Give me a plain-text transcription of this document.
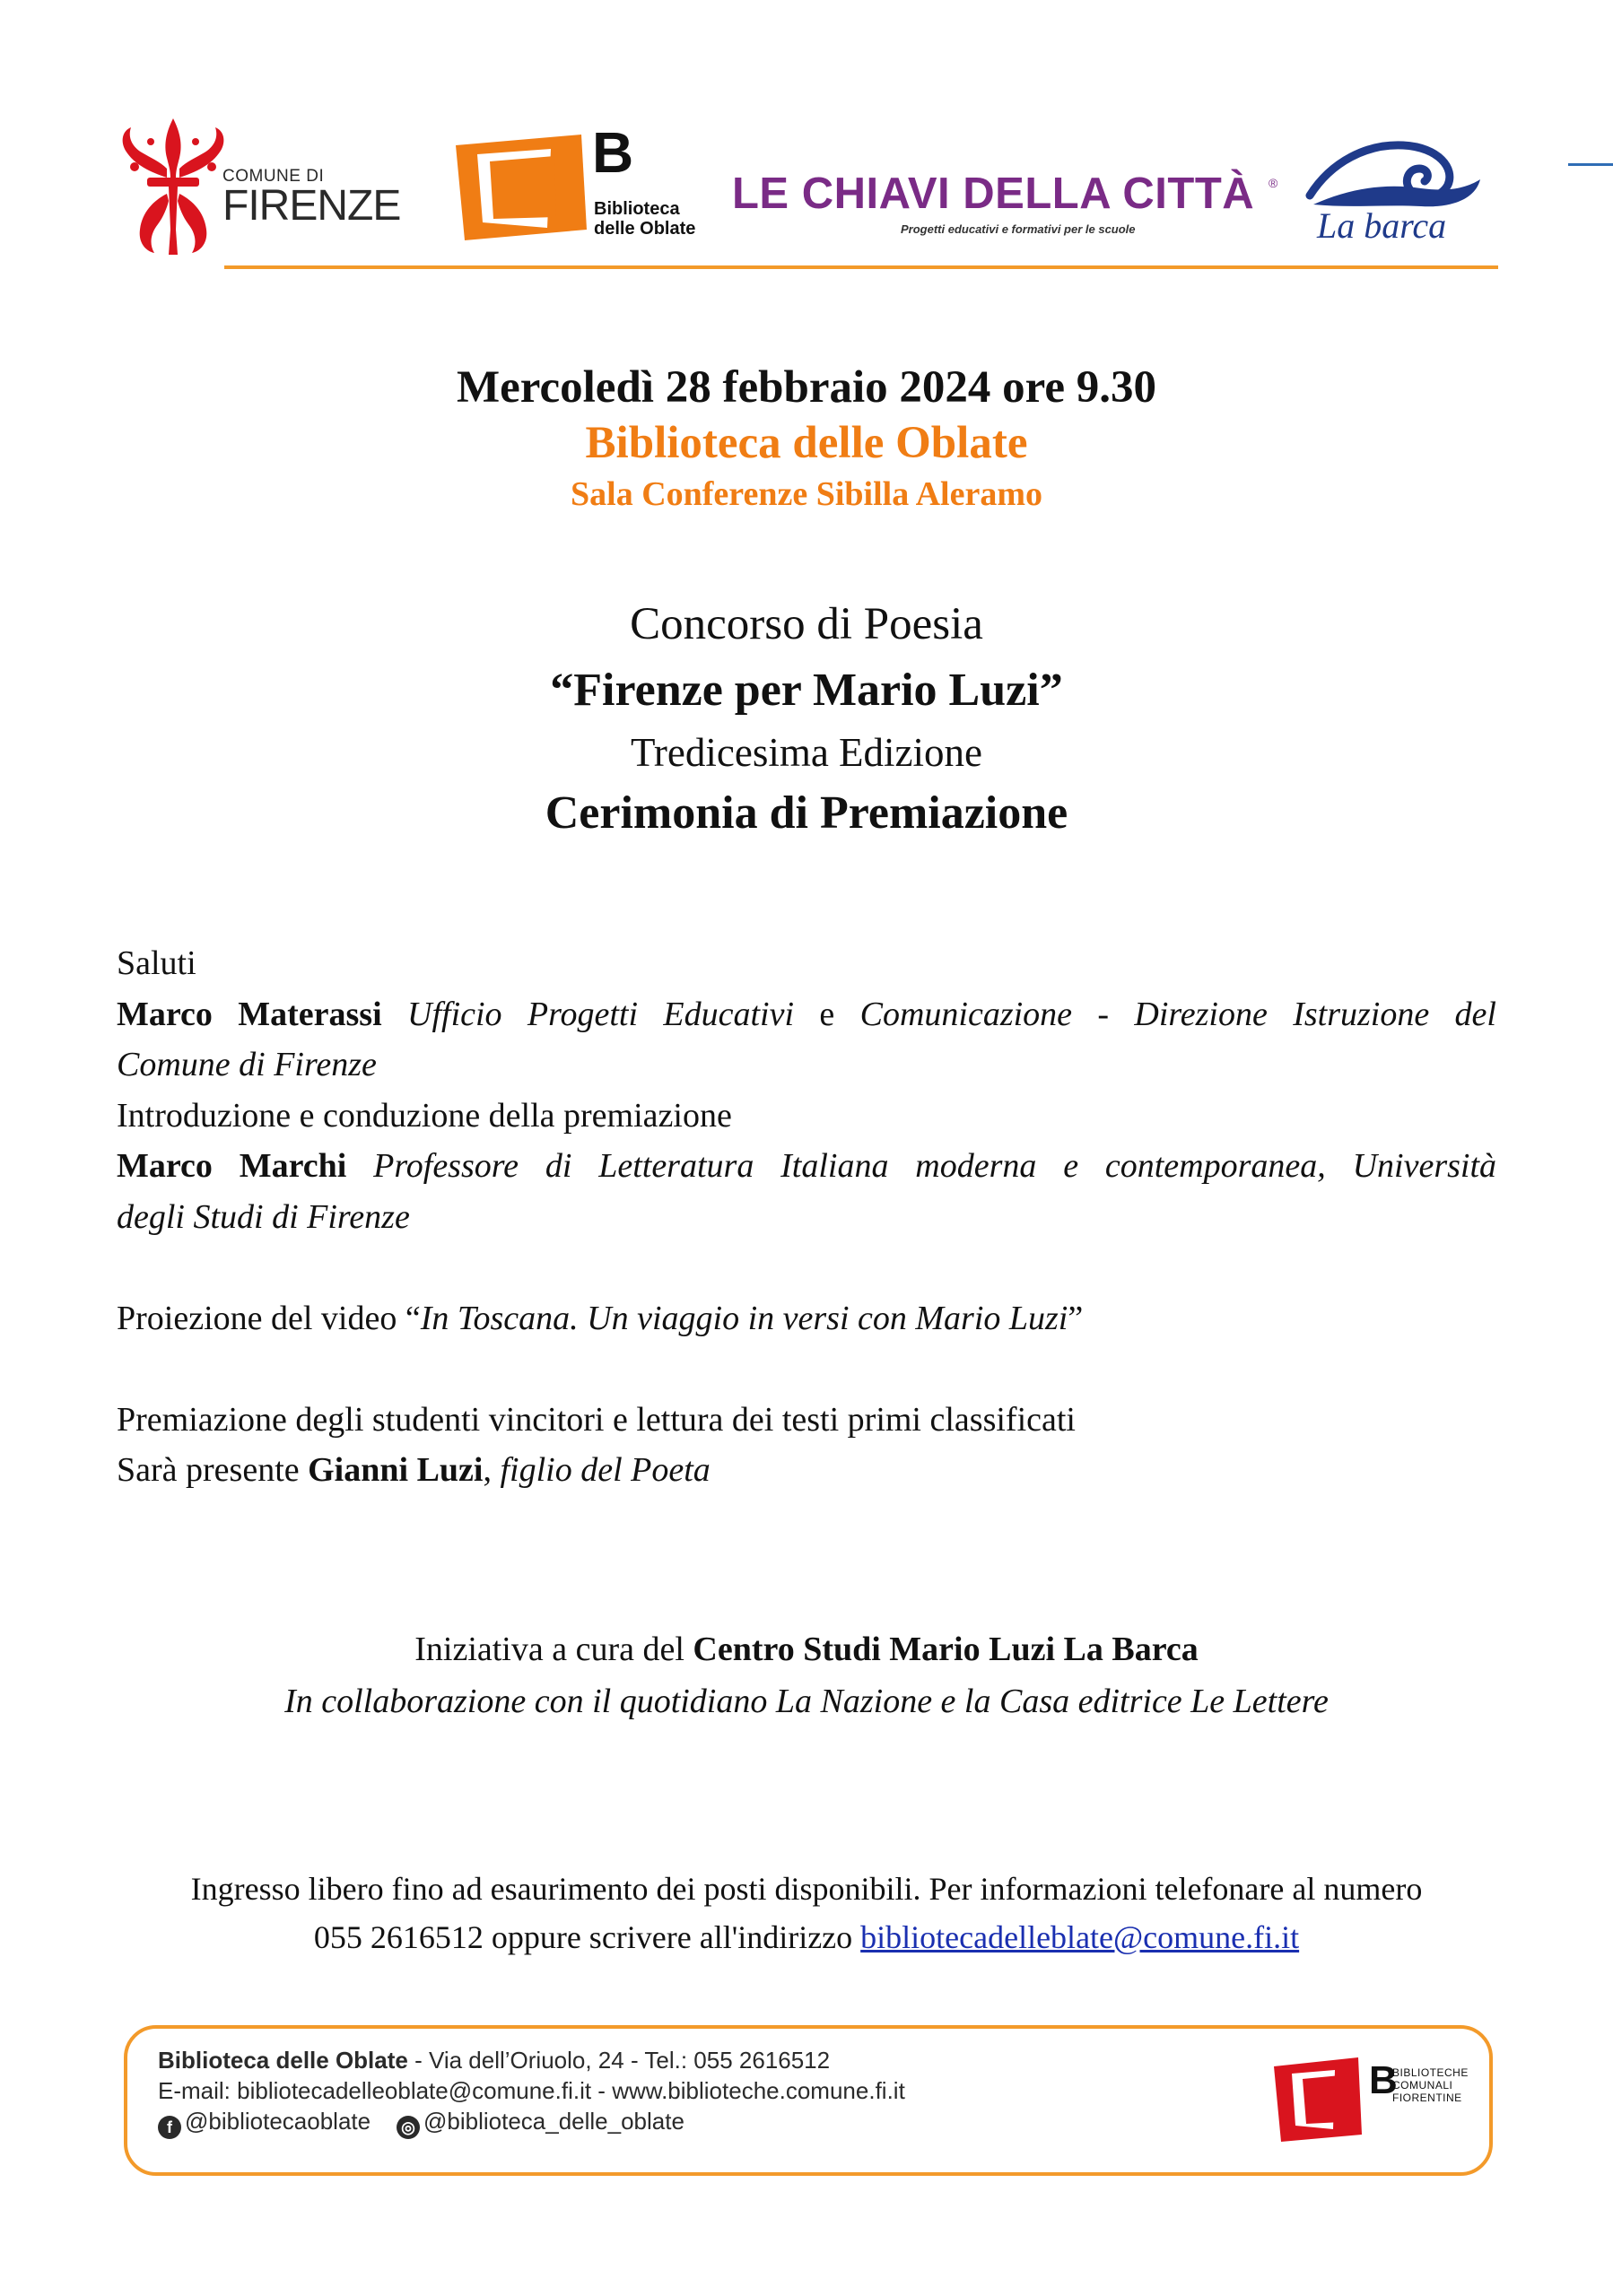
COMUNE DI
FIRENZE
B
Biblioteca
delle Oblate
LE CHIAVI DELLA CITTÀ ®
Progetti educativi e formativi per le scuole	La barca
Mercoledì 28 febbraio 2024 ore 9.30
Biblioteca delle Oblate
Sala Conferenze Sibilla Aleramo
Concorso di Poesia
“Firenze per Mario Luzi”
Tredicesima Edizione
Cerimonia di Premiazione
Saluti
Marco Materassi Ufficio Progetti Educativi e Comunicazione - Direzione Istruzione del
Comune di Firenze
Introduzione e conduzione della premiazione
Marco Marchi Professore di Letteratura Italiana moderna e contemporanea, Università
degli Studi di Firenze
Proiezione del video “In Toscana. Un viaggio in versi con Mario Luzi”
Premiazione degli studenti vincitori e lettura dei testi primi classificati
Sarà presente Gianni Luzi, figlio del Poeta
Iniziativa a cura del Centro Studi Mario Luzi La Barca
In collaborazione con il quotidiano La Nazione e la Casa editrice Le Lettere
Ingresso libero fino ad esaurimento dei posti disponibili. Per informazioni telefonare al numero
055 2616512 oppure scrivere all'indirizzo bibliotecadelleblate@comune.fi.it
Biblioteca delle Oblate - Via dell’Oriuolo, 24 - Tel.: 055 2616512
E-mail: bibliotecadelleoblate@comune.fi.it - www.biblioteche.comune.fi.it
f @bibliotecaoblate ◎ @biblioteca_delle_oblate
B
BIBLIOTECHE
COMUNALI
FIORENTINE
